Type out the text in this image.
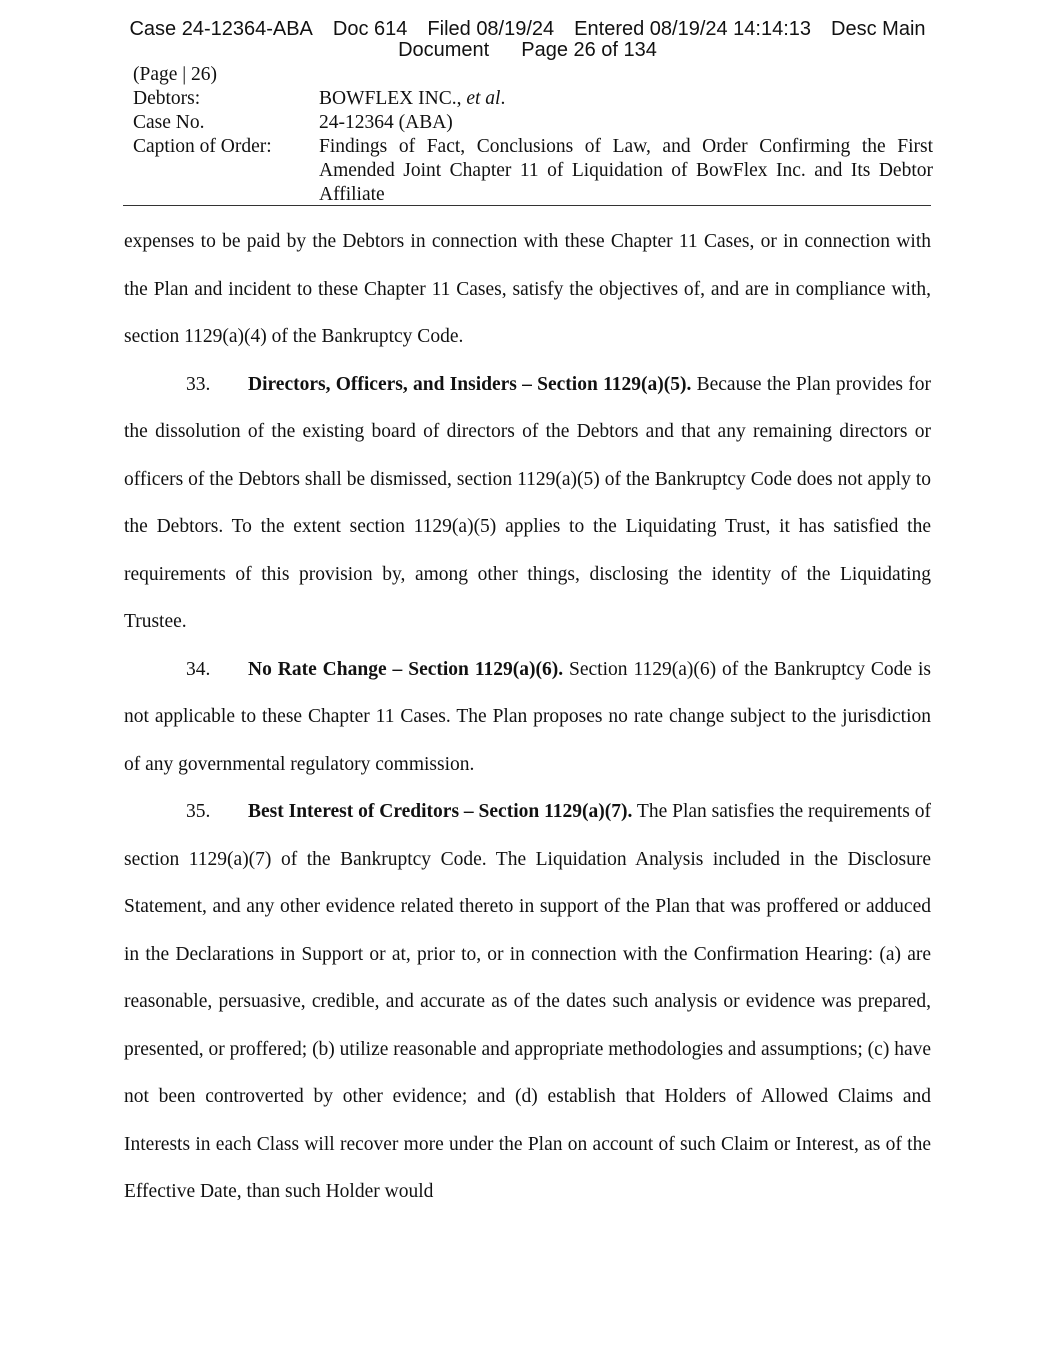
Case 24-12364-ABA Doc 614 Filed 08/19/24 Entered 08/19/24 14:14:13 Desc Main
Document Page 26 of 134
(Page | 26)
Debtors:	BOWFLEX INC., et al.
Case No.	24-12364 (ABA)
Caption of Order:	Findings of Fact, Conclusions of Law, and Order Confirming the First
Amended Joint Chapter 11 of Liquidation of BowFlex Inc. and Its Debtor
Affiliate

expenses to be paid by the Debtors in connection with these Chapter 11 Cases, or in connection with the Plan and incident to these Chapter 11 Cases, satisfy the objectives of, and are in compliance with, section 1129(a)(4) of the Bankruptcy Code.

33. Directors, Officers, and Insiders – Section 1129(a)(5). Because the Plan provides for the dissolution of the existing board of directors of the Debtors and that any remaining directors or officers of the Debtors shall be dismissed, section 1129(a)(5) of the Bankruptcy Code does not apply to the Debtors. To the extent section 1129(a)(5) applies to the Liquidating Trust, it has satisfied the requirements of this provision by, among other things, disclosing the identity of the Liquidating Trustee.

34. No Rate Change – Section 1129(a)(6). Section 1129(a)(6) of the Bankruptcy Code is not applicable to these Chapter 11 Cases. The Plan proposes no rate change subject to the jurisdiction of any governmental regulatory commission.

35. Best Interest of Creditors – Section 1129(a)(7). The Plan satisfies the requirements of section 1129(a)(7) of the Bankruptcy Code. The Liquidation Analysis included in the Disclosure Statement, and any other evidence related thereto in support of the Plan that was proffered or adduced in the Declarations in Support or at, prior to, or in connection with the Confirmation Hearing: (a) are reasonable, persuasive, credible, and accurate as of the dates such analysis or evidence was prepared, presented, or proffered; (b) utilize reasonable and appropriate methodologies and assumptions; (c) have not been controverted by other evidence; and (d) establish that Holders of Allowed Claims and Interests in each Class will recover more under the Plan on account of such Claim or Interest, as of the Effective Date, than such Holder would
